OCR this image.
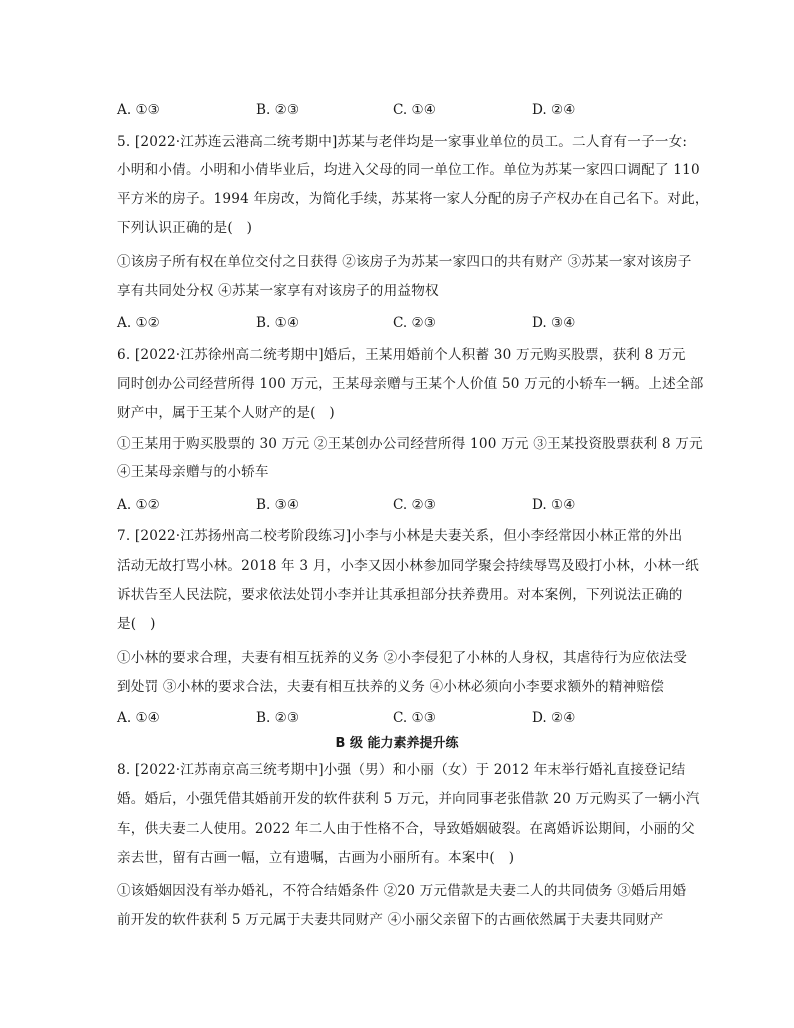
A. ①③	B. ②③	C. ①④	D. ②④
5. [2022·江苏连云港高二统考期中]苏某与老伴均是一家事业单位的员工。二人育有一子一女:
小明和小倩。小明和小倩毕业后，均进入父母的同一单位工作。单位为苏某一家四口调配了 110
平方米的房子。1994 年房改，为简化手续，苏某将一家人分配的房子产权办在自己名下。对此，
下列认识正确的是(　)
①该房子所有权在单位交付之日获得 ②该房子为苏某一家四口的共有财产 ③苏某一家对该房子
享有共同处分权 ④苏某一家享有对该房子的用益物权
A. ①②	B. ①④	C. ②③	D. ③④
6. [2022·江苏徐州高二统考期中]婚后，王某用婚前个人积蓄 30 万元购买股票，获利 8 万元
同时创办公司经营所得 100 万元，王某母亲赠与王某个人价值 50 万元的小轿车一辆。上述全部
财产中，属于王某个人财产的是(　)
①王某用于购买股票的 30 万元 ②王某创办公司经营所得 100 万元 ③王某投资股票获利 8 万元
④王某母亲赠与的小轿车
A. ①②	B. ③④	C. ②③	D. ①④
7. [2022·江苏扬州高二校考阶段练习]小李与小林是夫妻关系，但小李经常因小林正常的外出
活动无故打骂小林。2018 年 3 月，小李又因小林参加同学聚会持续辱骂及殴打小林，小林一纸
诉状告至人民法院，要求依法处罚小李并让其承担部分扶养费用。对本案例，下列说法正确的
是(　)
①小林的要求合理，夫妻有相互抚养的义务 ②小李侵犯了小林的人身权，其虐待行为应依法受
到处罚 ③小林的要求合法，夫妻有相互扶养的义务 ④小林必须向小李要求额外的精神赔偿
A. ①④	B. ②③	C. ①③	D. ②④
B 级 能力素养提升练
8. [2022·江苏南京高三统考期中]小强（男）和小丽（女）于 2012 年末举行婚礼直接登记结
婚。婚后，小强凭借其婚前开发的软件获利 5 万元，并向同事老张借款 20 万元购买了一辆小汽
车，供夫妻二人使用。2022 年二人由于性格不合，导致婚姻破裂。在离婚诉讼期间，小丽的父
亲去世，留有古画一幅，立有遗嘱，古画为小丽所有。本案中(　)
①该婚姻因没有举办婚礼，不符合结婚条件 ②20 万元借款是夫妻二人的共同债务 ③婚后用婚
前开发的软件获利 5 万元属于夫妻共同财产 ④小丽父亲留下的古画依然属于夫妻共同财产
